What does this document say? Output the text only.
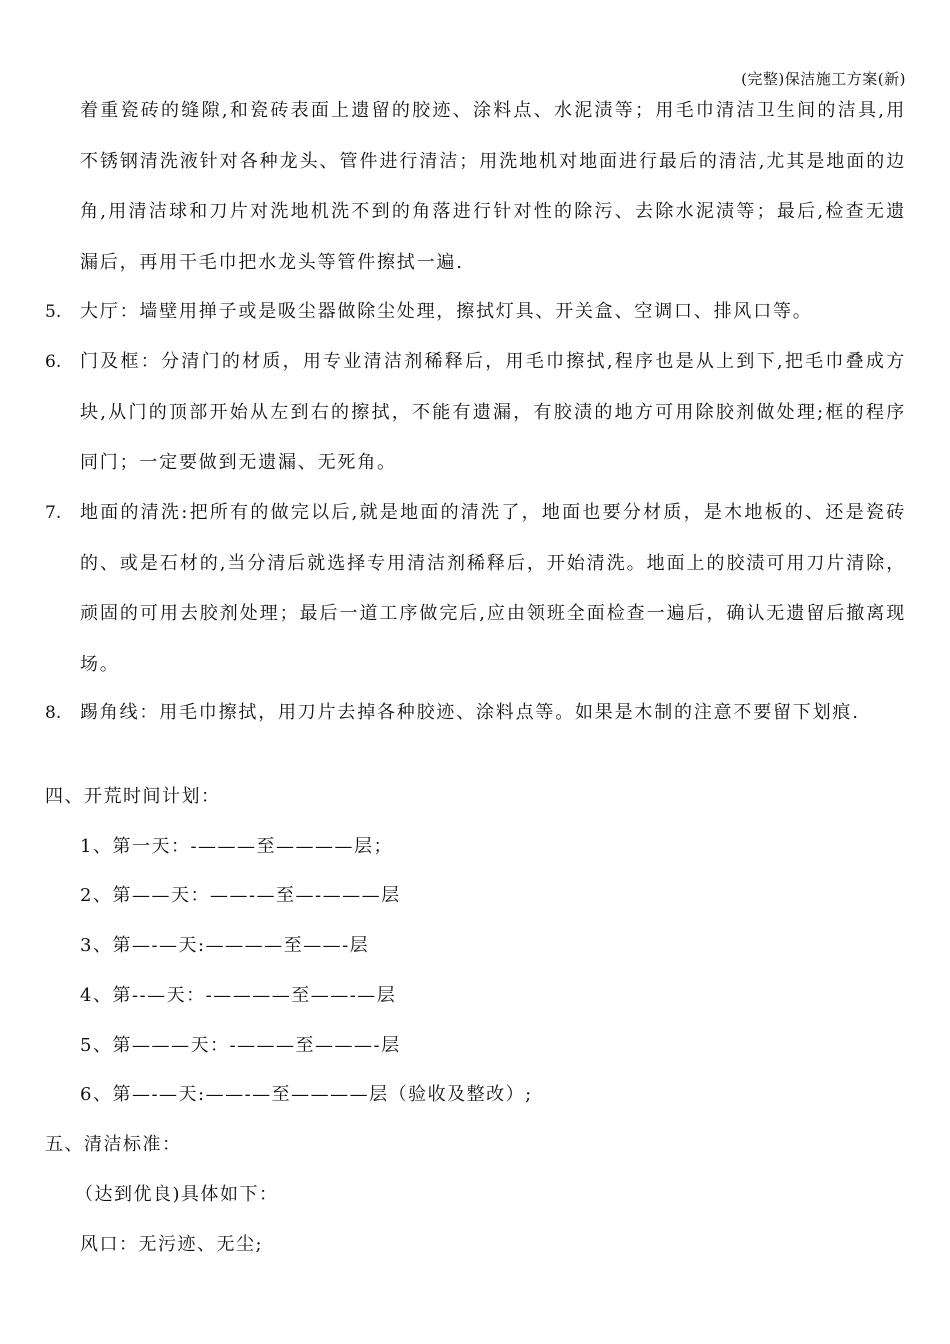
(完整)保洁施工方案(新)
着重瓷砖的缝隙,和瓷砖表面上遗留的胶迹、涂料点、水泥渍等；用毛巾清洁卫生间的洁具,用不锈钢清洗液针对各种龙头、管件进行清洁；用洗地机对地面进行最后的清洁,尤其是地面的边角,用清洁球和刀片对洗地机洗不到的角落进行针对性的除污、去除水泥渍等；最后,检查无遗漏后，再用干毛巾把水龙头等管件擦拭一遍.
5. 大厅：墙壁用掸子或是吸尘器做除尘处理，擦拭灯具、开关盒、空调口、排风口等。
6. 门及框：分清门的材质，用专业清洁剂稀释后，用毛巾擦拭,程序也是从上到下,把毛巾叠成方块,从门的顶部开始从左到右的擦拭，不能有遗漏，有胶渍的地方可用除胶剂做处理;框的程序同门；一定要做到无遗漏、无死角。
7. 地面的清洗:把所有的做完以后,就是地面的清洗了，地面也要分材质，是木地板的、还是瓷砖的、或是石材的,当分清后就选择专用清洁剂稀释后，开始清洗。地面上的胶渍可用刀片清除，顽固的可用去胶剂处理；最后一道工序做完后,应由领班全面检查一遍后，确认无遗留后撤离现场。
8. 踢角线：用毛巾擦拭，用刀片去掉各种胶迹、涂料点等。如果是木制的注意不要留下划痕.
四、开荒时间计划：
1、第一天：-———至————层；
2、第——天：——-—至—-———层
3、第—-—天:————至——-层
4、第--—天：-————至——-—层
5、第———天：-———至———-层
6、第—-—天:——-—至————层（验收及整改）;
五、清洁标准：
（达到优良)具体如下：
风口：无污迹、无尘;
